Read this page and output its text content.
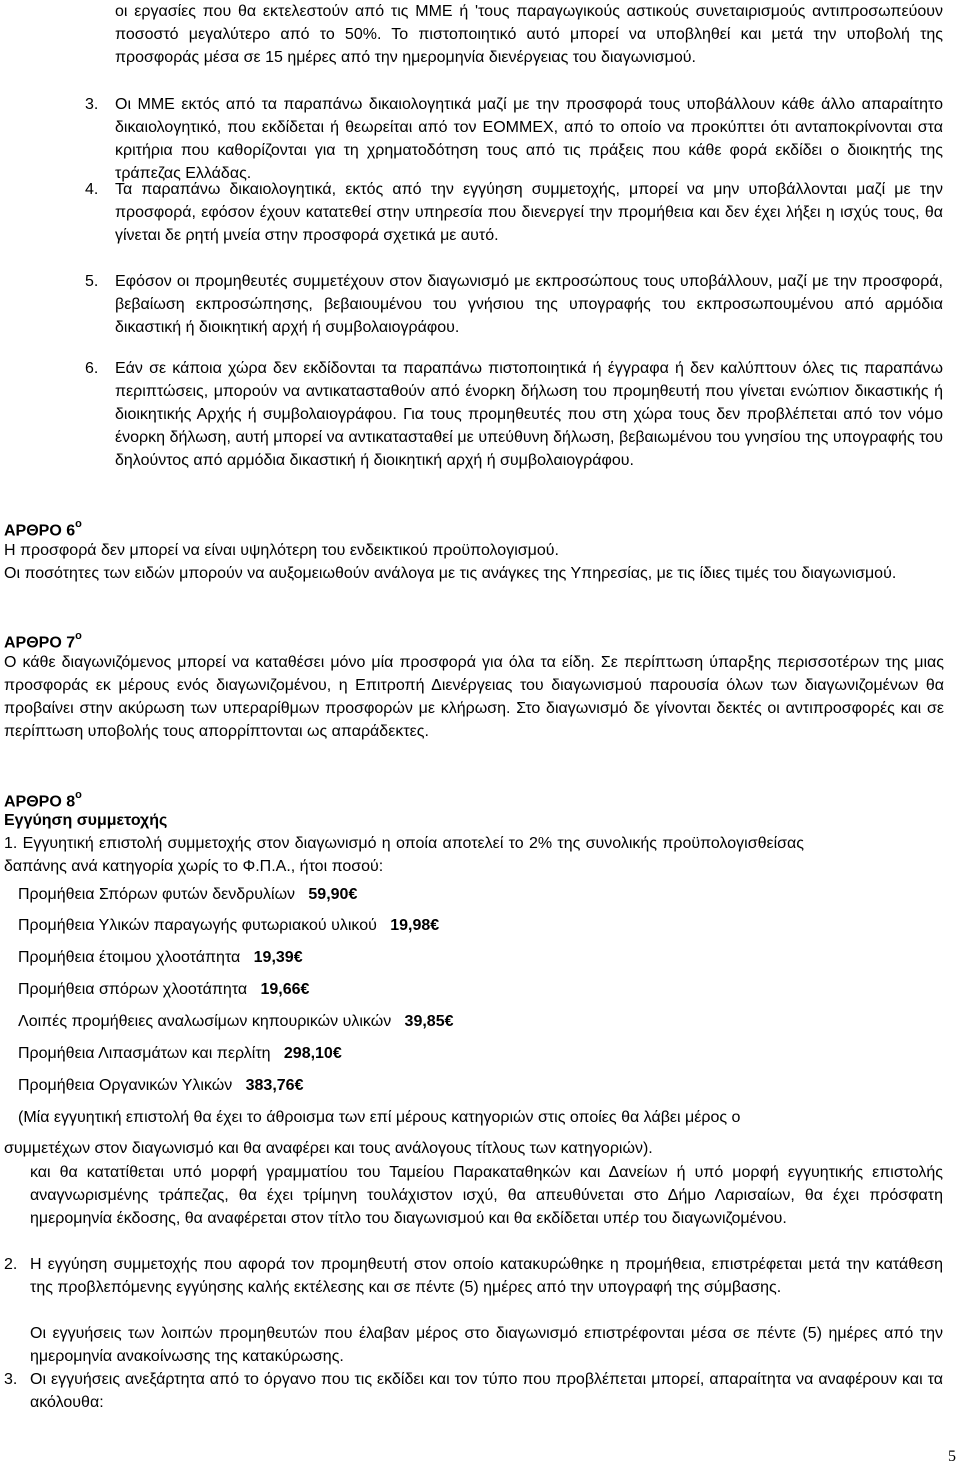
οι εργασίες που θα εκτελεστούν από τις ΜΜΕ ή 'τους παραγωγικούς αστικούς συνεταιρισμούς αντιπροσωπεύουν ποσοστό μεγαλύτερο από το 50%. Το πιστοποιητικό αυτό μπορεί να υποβληθεί και μετά την υποβολή της προσφοράς μέσα σε 15 ημέρες από την ημερομηνία διενέργειας του διαγωνισμού.
3.	Οι ΜΜΕ εκτός από τα παραπάνω δικαιολογητικά μαζί με την προσφορά τους υποβάλλουν κάθε άλλο απαραίτητο δικαιολογητικό, που εκδίδεται ή θεωρείται από τον ΕΟΜΜΕΧ, από το οποίο να προκύπτει ότι ανταποκρίνονται στα κριτήρια που καθορίζονται για τη χρηματοδότηση τους από τις πράξεις που κάθε φορά εκδίδει ο διοικητής της τράπεζας Ελλάδας.
4.	Τα παραπάνω δικαιολογητικά, εκτός από την εγγύηση συμμετοχής, μπορεί να μην υποβάλλονται μαζί με την προσφορά, εφόσον έχουν κατατεθεί στην υπηρεσία που διενεργεί την προμήθεια και δεν έχει λήξει η ισχύς τους, θα γίνεται δε ρητή μνεία στην προσφορά σχετικά με αυτό.
5.	Εφόσον οι προμηθευτές συμμετέχουν στον διαγωνισμό με εκπροσώπους τους υποβάλλουν, μαζί με την προσφορά, βεβαίωση εκπροσώπησης, βεβαιουμένου του γνήσιου της υπογραφής του εκπροσωπουμένου από αρμόδια δικαστική ή διοικητική αρχή ή συμβολαιογράφου.
6.	Εάν σε κάποια χώρα δεν εκδίδονται τα παραπάνω πιστοποιητικά ή έγγραφα ή δεν καλύπτουν όλες τις παραπάνω περιπτώσεις, μπορούν να αντικατασταθούν από ένορκη δήλωση του προμηθευτή που γίνεται ενώπιον δικαστικής ή διοικητικής Αρχής ή συμβολαιογράφου. Για τους προμηθευτές που στη χώρα τους δεν προβλέπεται από τον νόμο ένορκη δήλωση, αυτή μπορεί να αντικατασταθεί με υπεύθυνη δήλωση, βεβαιωμένου του γνησίου της υπογραφής του δηλούντος από αρμόδια δικαστική ή διοικητική αρχή ή συμβολαιογράφου.
ΑΡΘΡΟ $6^o$
Η προσφορά δεν μπορεί να είναι υψηλότερη του ενδεικτικού προϋπολογισμού.
Οι ποσότητες των ειδών μπορούν να αυξομειωθούν ανάλογα με τις ανάγκες της Υπηρεσίας, με τις ίδιες τιμές του διαγωνισμού.
ΑΡΘΡΟ $7^o$
Ο κάθε διαγωνιζόμενος μπορεί να καταθέσει μόνο μία προσφορά για όλα τα είδη. Σε περίπτωση ύπαρξης περισσοτέρων της μιας προσφοράς εκ μέρους ενός διαγωνιζομένου, η Επιτροπή Διενέργειας του διαγωνισμού παρουσία όλων των διαγωνιζομένων θα προβαίνει στην ακύρωση των υπεραρίθμων προσφορών με κλήρωση. Στο διαγωνισμό δε γίνονται δεκτές οι αντιπροσφορές και σε περίπτωση υποβολής τους απορρίπτονται ως απαράδεκτες.
ΑΡΘΡΟ $8^o$
Εγγύηση συμμετοχής
1. Εγγυητική επιστολή συμμετοχής στον διαγωνισμό η οποία αποτελεί το 2% της συνολικής προϋπολογισθείσας δαπάνης ανά κατηγορία χωρίς το Φ.Π.Α., ήτοι ποσού:
Προμήθεια Σπόρων φυτών δενδρυλίων   59,90€
Προμήθεια Υλικών παραγωγής φυτωριακού υλικού   19,98€
Προμήθεια έτοιμου χλοοτάπητα   19,39€
Προμήθεια σπόρων χλοοτάπητα   19,66€
Λοιπές προμήθειες αναλωσίμων κηπουρικών υλικών   39,85€
Προμήθεια Λιπασμάτων και περλίτη   298,10€
Προμήθεια Οργανικών Υλικών   383,76€
(Μία εγγυητική επιστολή θα έχει το άθροισμα των επί μέρους κατηγοριών στις οποίες θα λάβει μέρος ο
συμμετέχων στον διαγωνισμό και θα αναφέρει και τους ανάλογους τίτλους των κατηγοριών).
και θα κατατίθεται υπό μορφή γραμματίου του Ταμείου Παρακαταθηκών και Δανείων ή υπό μορφή εγγυητικής επιστολής αναγνωρισμένης τράπεζας, θα έχει τρίμηνη τουλάχιστον ισχύ, θα απευθύνεται στο Δήμο Λαρισαίων, θα έχει πρόσφατη ημερομηνία έκδοσης, θα αναφέρεται στον τίτλο του διαγωνισμού και θα εκδίδεται υπέρ του διαγωνιζομένου.
2. Η εγγύηση συμμετοχής που αφορά τον προμηθευτή στον οποίο κατακυρώθηκε η προμήθεια, επιστρέφεται μετά την κατάθεση της προβλεπόμενης εγγύησης καλής εκτέλεσης και σε πέντε (5) ημέρες από την υπογραφή της σύμβασης.
Οι εγγυήσεις των λοιπών προμηθευτών που έλαβαν μέρος στο διαγωνισμό επιστρέφονται μέσα σε πέντε (5) ημέρες από την ημερομηνία ανακοίνωσης της κατακύρωσης.
3. Οι εγγυήσεις ανεξάρτητα από το όργανο που τις εκδίδει και τον τύπο που προβλέπεται μπορεί, απαραίτητα να αναφέρουν και τα ακόλουθα:
5
